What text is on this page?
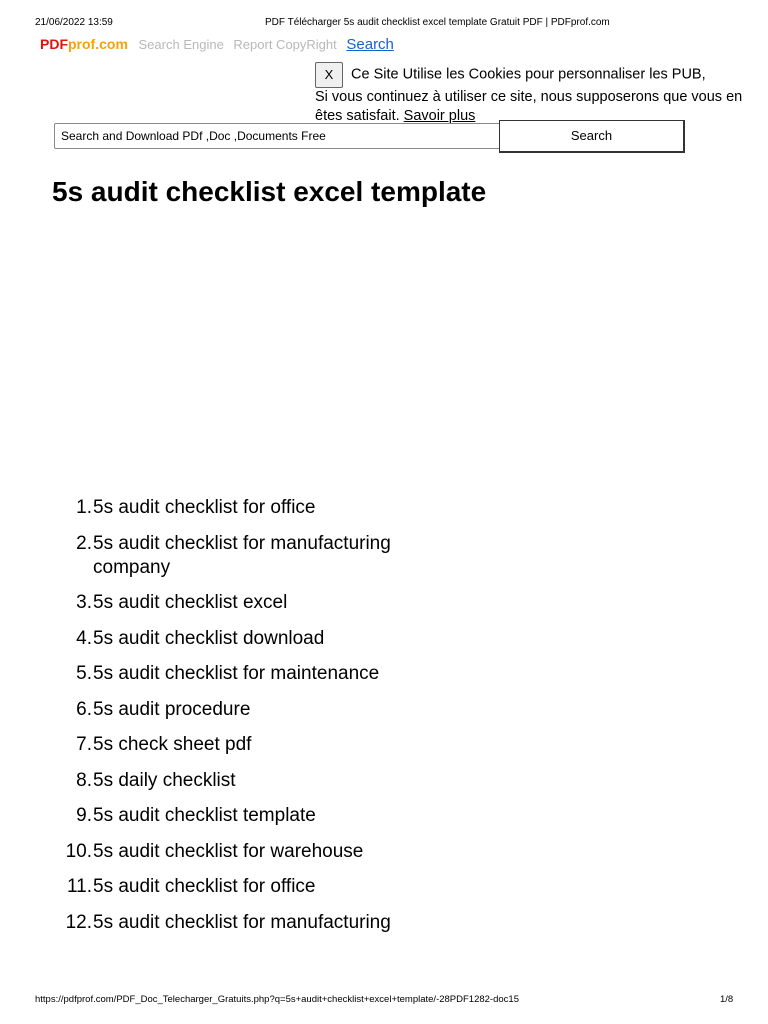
21/06/2022 13:59	PDF Télécharger 5s audit checklist excel template Gratuit PDF | PDFprof.com
PDFprof.com Search Engine Report CopyRight Search
X Ce Site Utilise les Cookies pour personnaliser les PUB,
Si vous continuez à utiliser ce site, nous supposerons que vous en êtes satisfait. Savoir plus
Search and Download PDf ,Doc ,Documents Free	Search
5s audit checklist excel template
1. 5s audit checklist for office
2. 5s audit checklist for manufacturing company
3. 5s audit checklist excel
4. 5s audit checklist download
5. 5s audit checklist for maintenance
6. 5s audit procedure
7. 5s check sheet pdf
8. 5s daily checklist
9. 5s audit checklist template
10. 5s audit checklist for warehouse
11. 5s audit checklist for office
12. 5s audit checklist for manufacturing
https://pdfprof.com/PDF_Doc_Telecharger_Gratuits.php?q=5s+audit+checklist+excel+template/-28PDF1282-doc15	1/8
